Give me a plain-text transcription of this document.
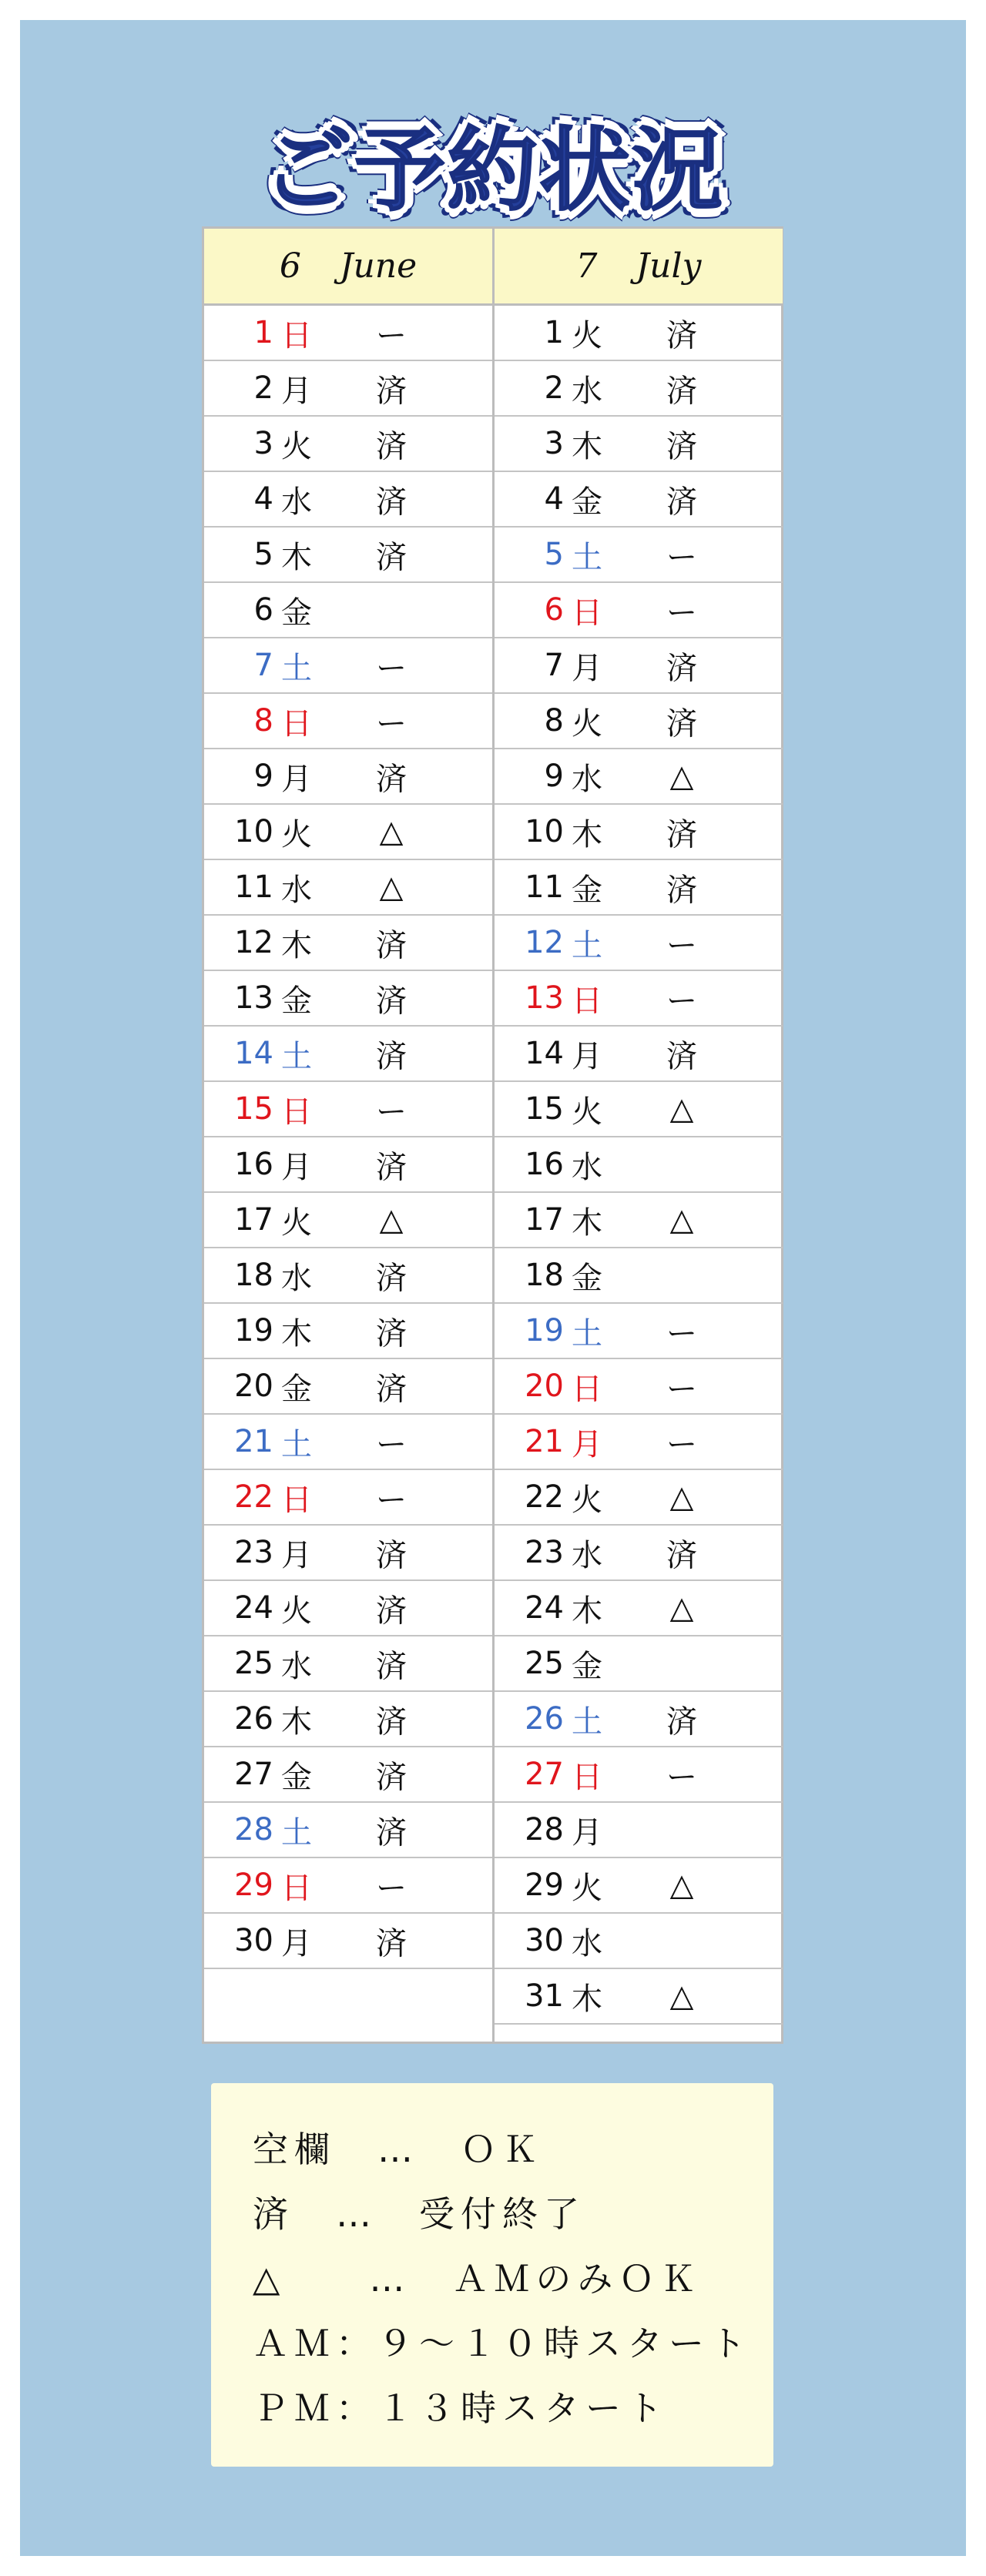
ご予約状況
6 June
1 日	ー
2 月	済
3 火	済
4 水	済
5 木	済
6 金
7 土	ー
8 日	ー
9 月	済
10 火	△
11 水	△
12 木	済
13 金	済
14 土	済
15 日	ー
16 月	済
17 火	△
18 水	済
19 木	済
20 金	済
21 土	ー
22 日	ー
23 月	済
24 火	済
25 水	済
26 木	済
27 金	済
28 土	済
29 日	ー
30 月	済
7 July
1 火	済
2 水	済
3 木	済
4 金	済
5 土	ー
6 日	ー
7 月	済
8 火	済
9 水	△
10 木	済
11 金	済
12 土	ー
13 日	ー
14 月	済
15 火	△
16 水
17 木	△
18 金
19 土	ー
20 日	ー
21 月	ー
22 火	△
23 水	済
24 木	△
25 金
26 土	済
27 日	ー
28 月
29 火	△
30 水
31 木	△
空欄　…　ＯＫ
済　…　受付終了
△　　…　ＡＭのみＯＫ
ＡＭ：９～１０時スタート
ＰＭ：１３時スタート
